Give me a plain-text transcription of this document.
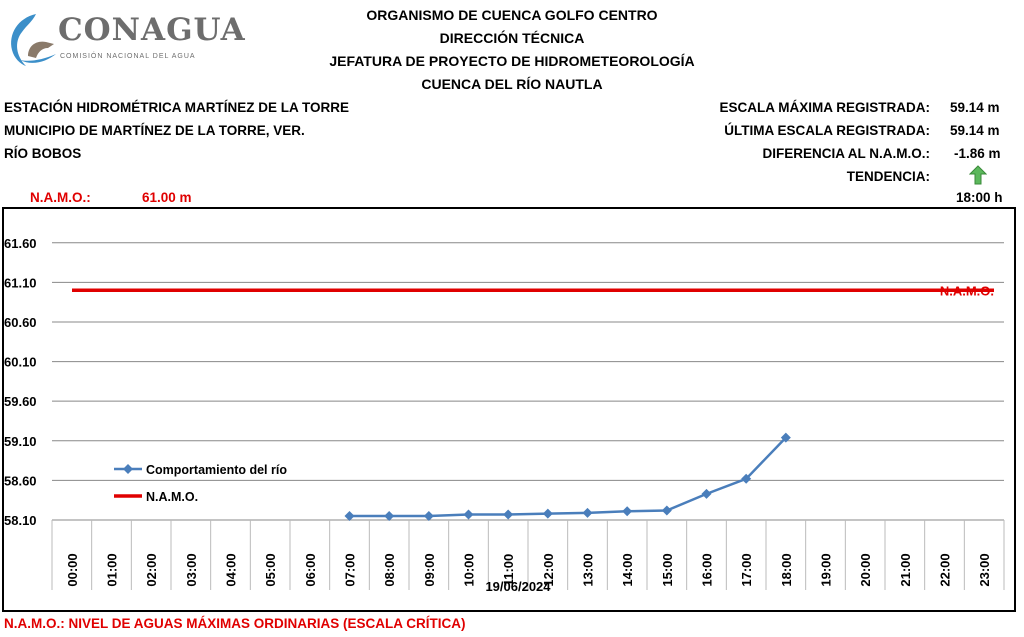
CONAGUA
COMISIÓN NACIONAL DEL AGUA
ORGANISMO DE CUENCA GOLFO CENTRO
DIRECCIÓN TÉCNICA
JEFATURA DE PROYECTO DE HIDROMETEOROLOGÍA
CUENCA DEL RÍO NAUTLA
ESTACIÓN HIDROMÉTRICA MARTÍNEZ DE LA TORRE
MUNICIPIO DE MARTÍNEZ DE LA TORRE, VER.
RÍO BOBOS
ESCALA MÁXIMA REGISTRADA: 59.14 m
ÚLTIMA ESCALA REGISTRADA: 59.14 m
DIFERENCIA AL N.A.M.O.: -1.86 m
TENDENCIA:
18:00 h
N.A.M.O.:	61.00 m
58.10
58.60
59.10
59.60
60.10
60.60
61.10
61.60
00:00 01:00 02:00 03:00 04:00 05:00 06:00 07:00 08:00 09:00 10:00 11:00 12:00 13:00 14:00 15:00 16:00 17:00 18:00 19:00 20:00 21:00 22:00 23:00
19/06/2024
N.A.M.O.
Comportamiento del río
N.A.M.O.
N.A.M.O.: NIVEL DE AGUAS MÁXIMAS ORDINARIAS (ESCALA CRÍTICA)
